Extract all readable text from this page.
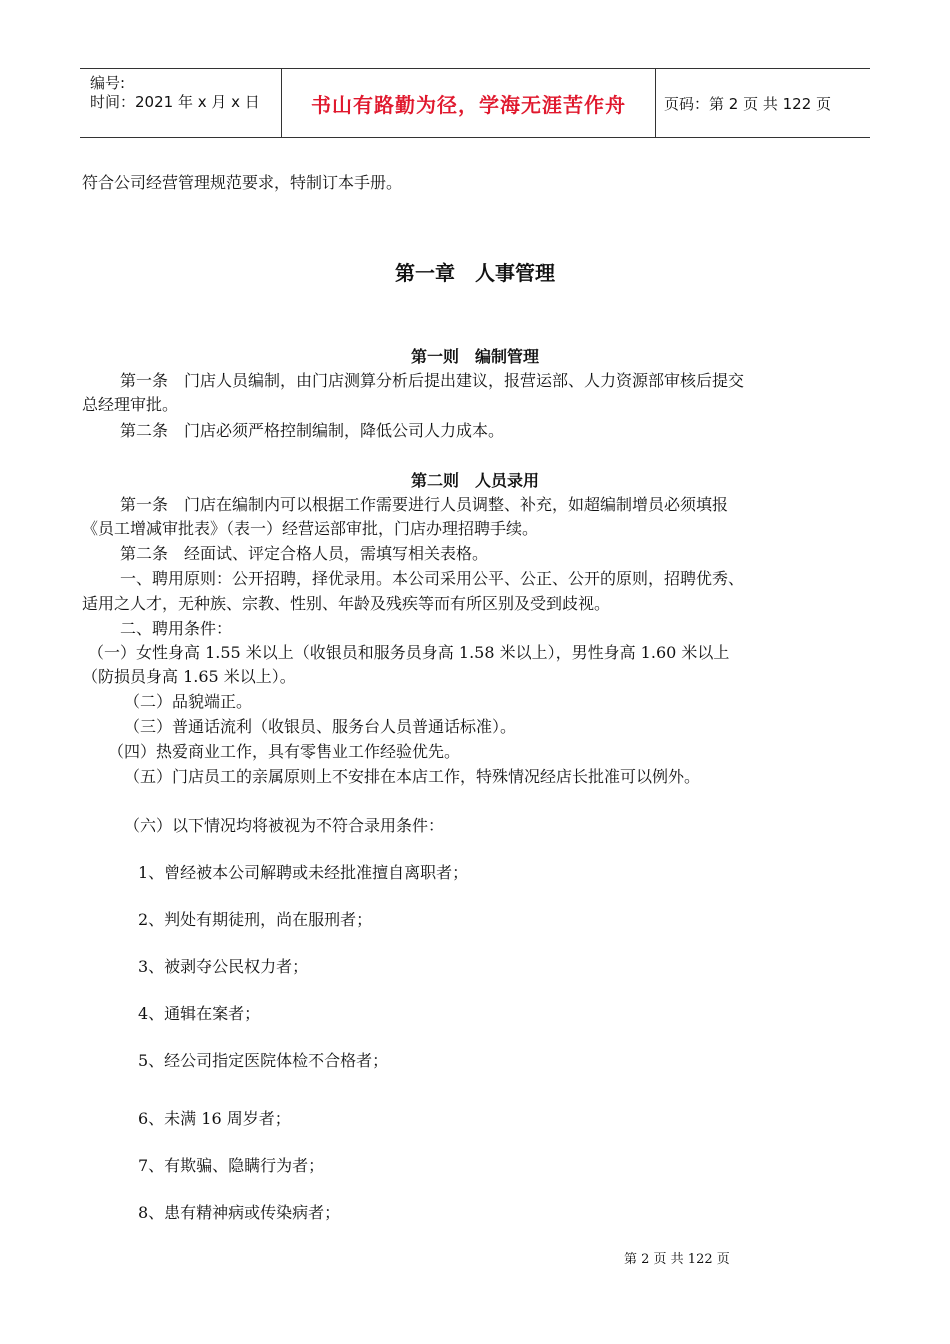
编号:
时间：2021 年 x 月 x 日	书山有路勤为径，学海无涯苦作舟	页码：第 2 页 共 122 页
符合公司经营管理规范要求，特制订本手册。
第一章　人事管理
第一则　编制管理
第一条　门店人员编制，由门店测算分析后提出建议，报营运部、人力资源部审核后提交
总经理审批。
第二条　门店必须严格控制编制，降低公司人力成本。
第二则　人员录用
第一条　门店在编制内可以根据工作需要进行人员调整、补充，如超编制增员必须填报
《员工增减审批表》（表一）经营运部审批，门店办理招聘手续。
第二条　经面试、评定合格人员，需填写相关表格。
一、聘用原则：公开招聘，择优录用。本公司采用公平、公正、公开的原则，招聘优秀、
适用之人才，无种族、宗教、性别、年龄及残疾等而有所区别及受到歧视。
二、聘用条件：
（一）女性身高 1.55 米以上（收银员和服务员身高 1.58 米以上），男性身高 1.60 米以上
（防损员身高 1.65 米以上）。
（二）品貌端正。
（三）普通话流利（收银员、服务台人员普通话标准）。
（四）热爱商业工作，具有零售业工作经验优先。
（五）门店员工的亲属原则上不安排在本店工作，特殊情况经店长批准可以例外。
（六）以下情况均将被视为不符合录用条件：
1、曾经被本公司解聘或未经批准擅自离职者；
2、判处有期徒刑，尚在服刑者；
3、被剥夺公民权力者；
4、通辑在案者；
5、经公司指定医院体检不合格者；
6、未满 16 周岁者；
7、有欺骗、隐瞒行为者；
8、患有精神病或传染病者；
第 2 页 共 122 页
